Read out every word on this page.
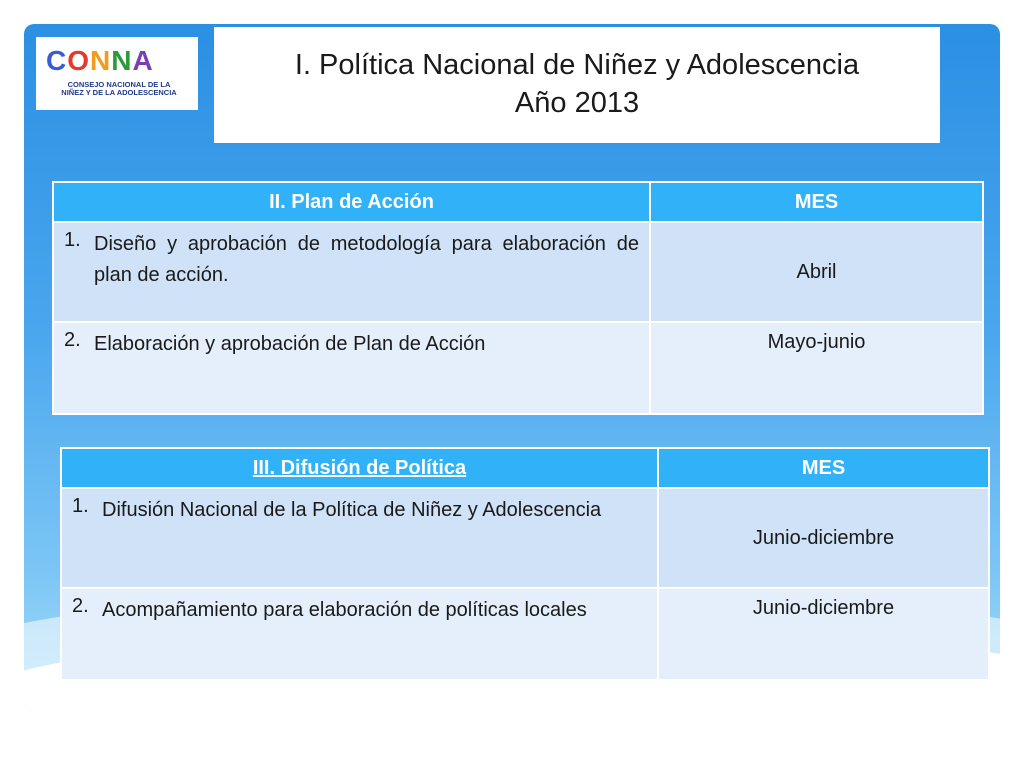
CONNA
CONSEJO NACIONAL DE LA
NIÑEZ Y DE LA ADOLESCENCIA
I. Política Nacional de Niñez y Adolescencia
Año 2013
II. Plan de Acción	MES

1. Diseño y aprobación de metodología para elaboración de plan de acción.	Abril

2. Elaboración y aprobación de Plan de Acción	Mayo-junio
III. Difusión de Política	MES

1. Difusión Nacional de la Política de Niñez y Adolescencia	Junio-diciembre

2. Acompañamiento para elaboración de políticas locales	Junio-diciembre
